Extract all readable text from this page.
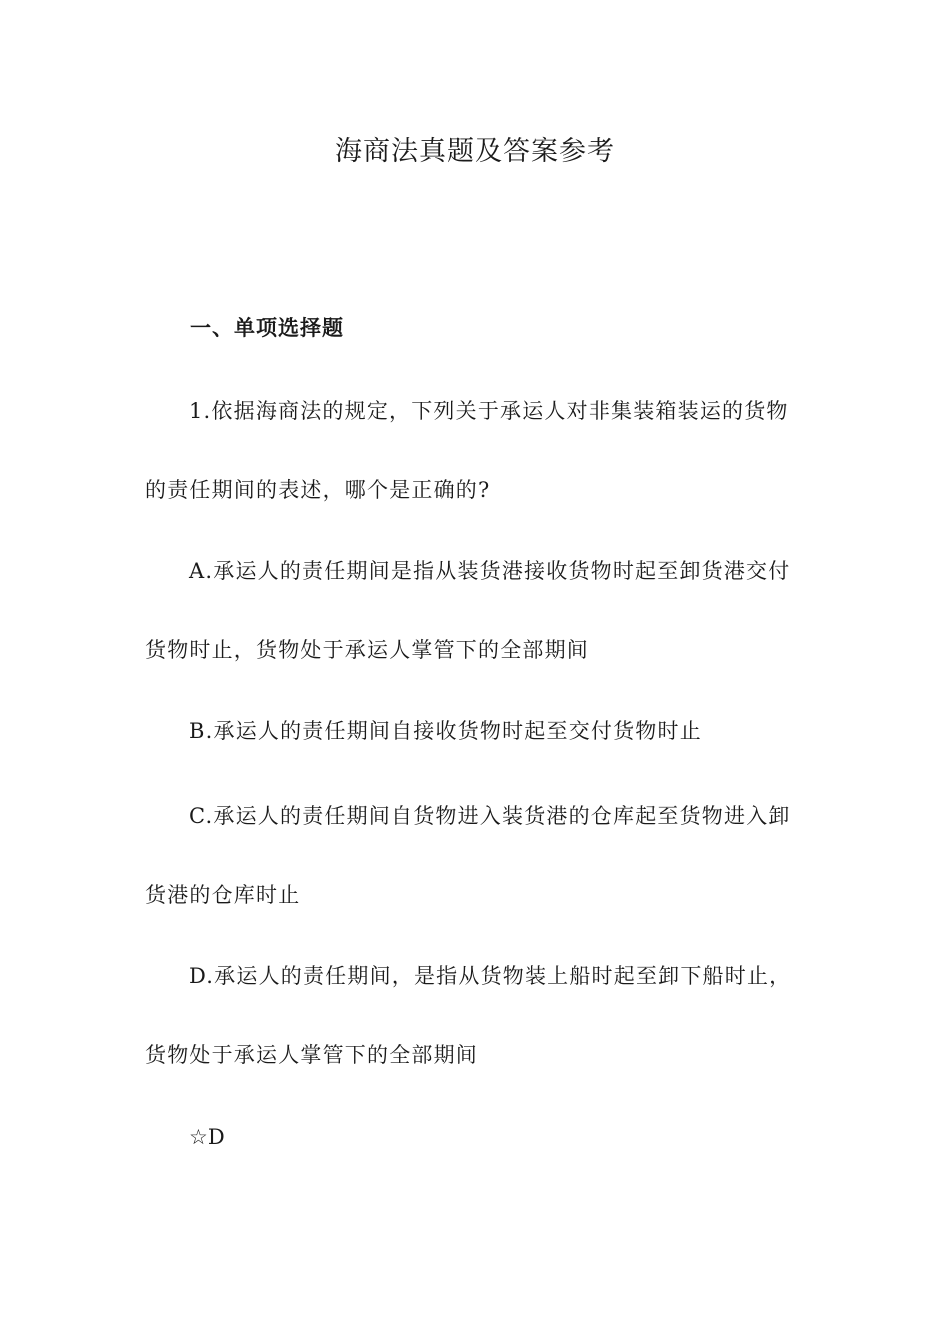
海商法真题及答案参考
一、单项选择题

1.依据海商法的规定，下列关于承运人对非集装箱装运的货物的责任期间的表述，哪个是正确的?

A.承运人的责任期间是指从装货港接收货物时起至卸货港交付货物时止，货物处于承运人掌管下的全部期间

B.承运人的责任期间自接收货物时起至交付货物时止

C.承运人的责任期间自货物进入装货港的仓库起至货物进入卸货港的仓库时止

D.承运人的责任期间，是指从货物装上船时起至卸下船时止，货物处于承运人掌管下的全部期间

☆D
